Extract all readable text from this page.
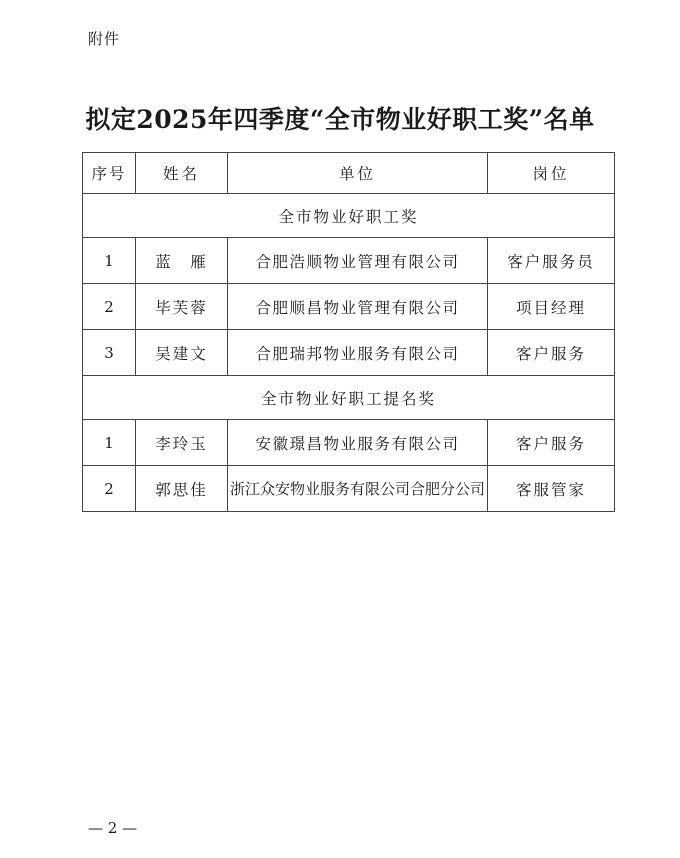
附件
拟定2025年四季度“全市物业好职工奖”名单
序号	姓名	单位	岗位
全市物业好职工奖			
1	蓝　雁	合肥浩顺物业管理有限公司	客户服务员
2	毕芙蓉	合肥顺昌物业管理有限公司	项目经理
3	吴建文	合肥瑞邦物业服务有限公司	客户服务
全市物业好职工提名奖			
1	李玲玉	安徽璟昌物业服务有限公司	客户服务
2	郭思佳	浙江众安物业服务有限公司合肥分公司	客服管家
— 2 —
